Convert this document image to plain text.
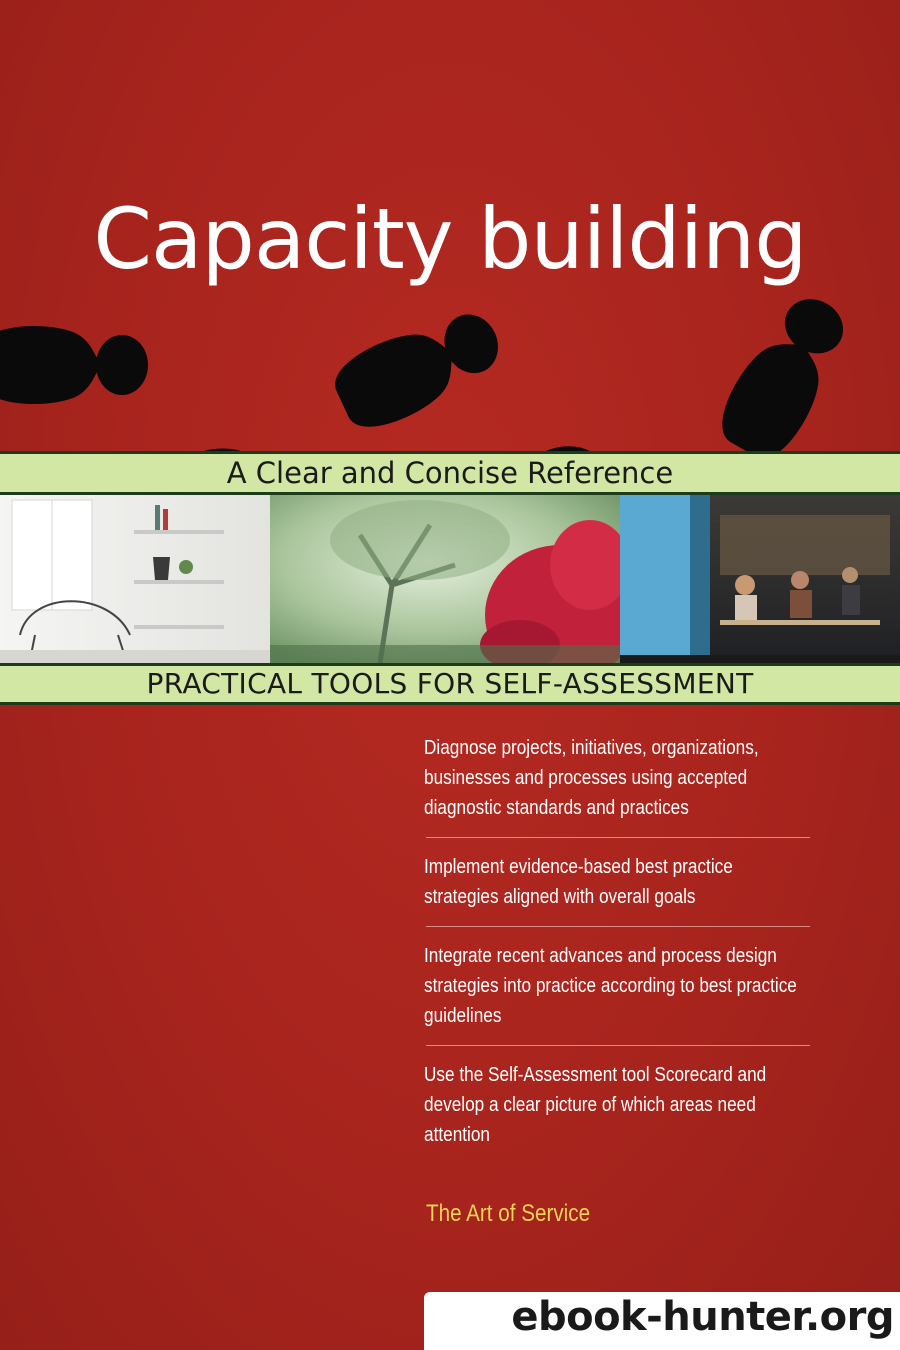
Capacity building
A Clear and Concise Reference
PRACTICAL TOOLS FOR SELF-ASSESSMENT
Diagnose projects, initiatives, organizations, businesses and processes using accepted diagnostic standards and practices
Implement evidence-based best practice strategies aligned with overall goals
Integrate recent advances and process design strategies into practice according to best practice guidelines
Use the Self-Assessment tool Scorecard and develop a clear picture of which areas need attention
The Art of Service
ebook-hunter.org
